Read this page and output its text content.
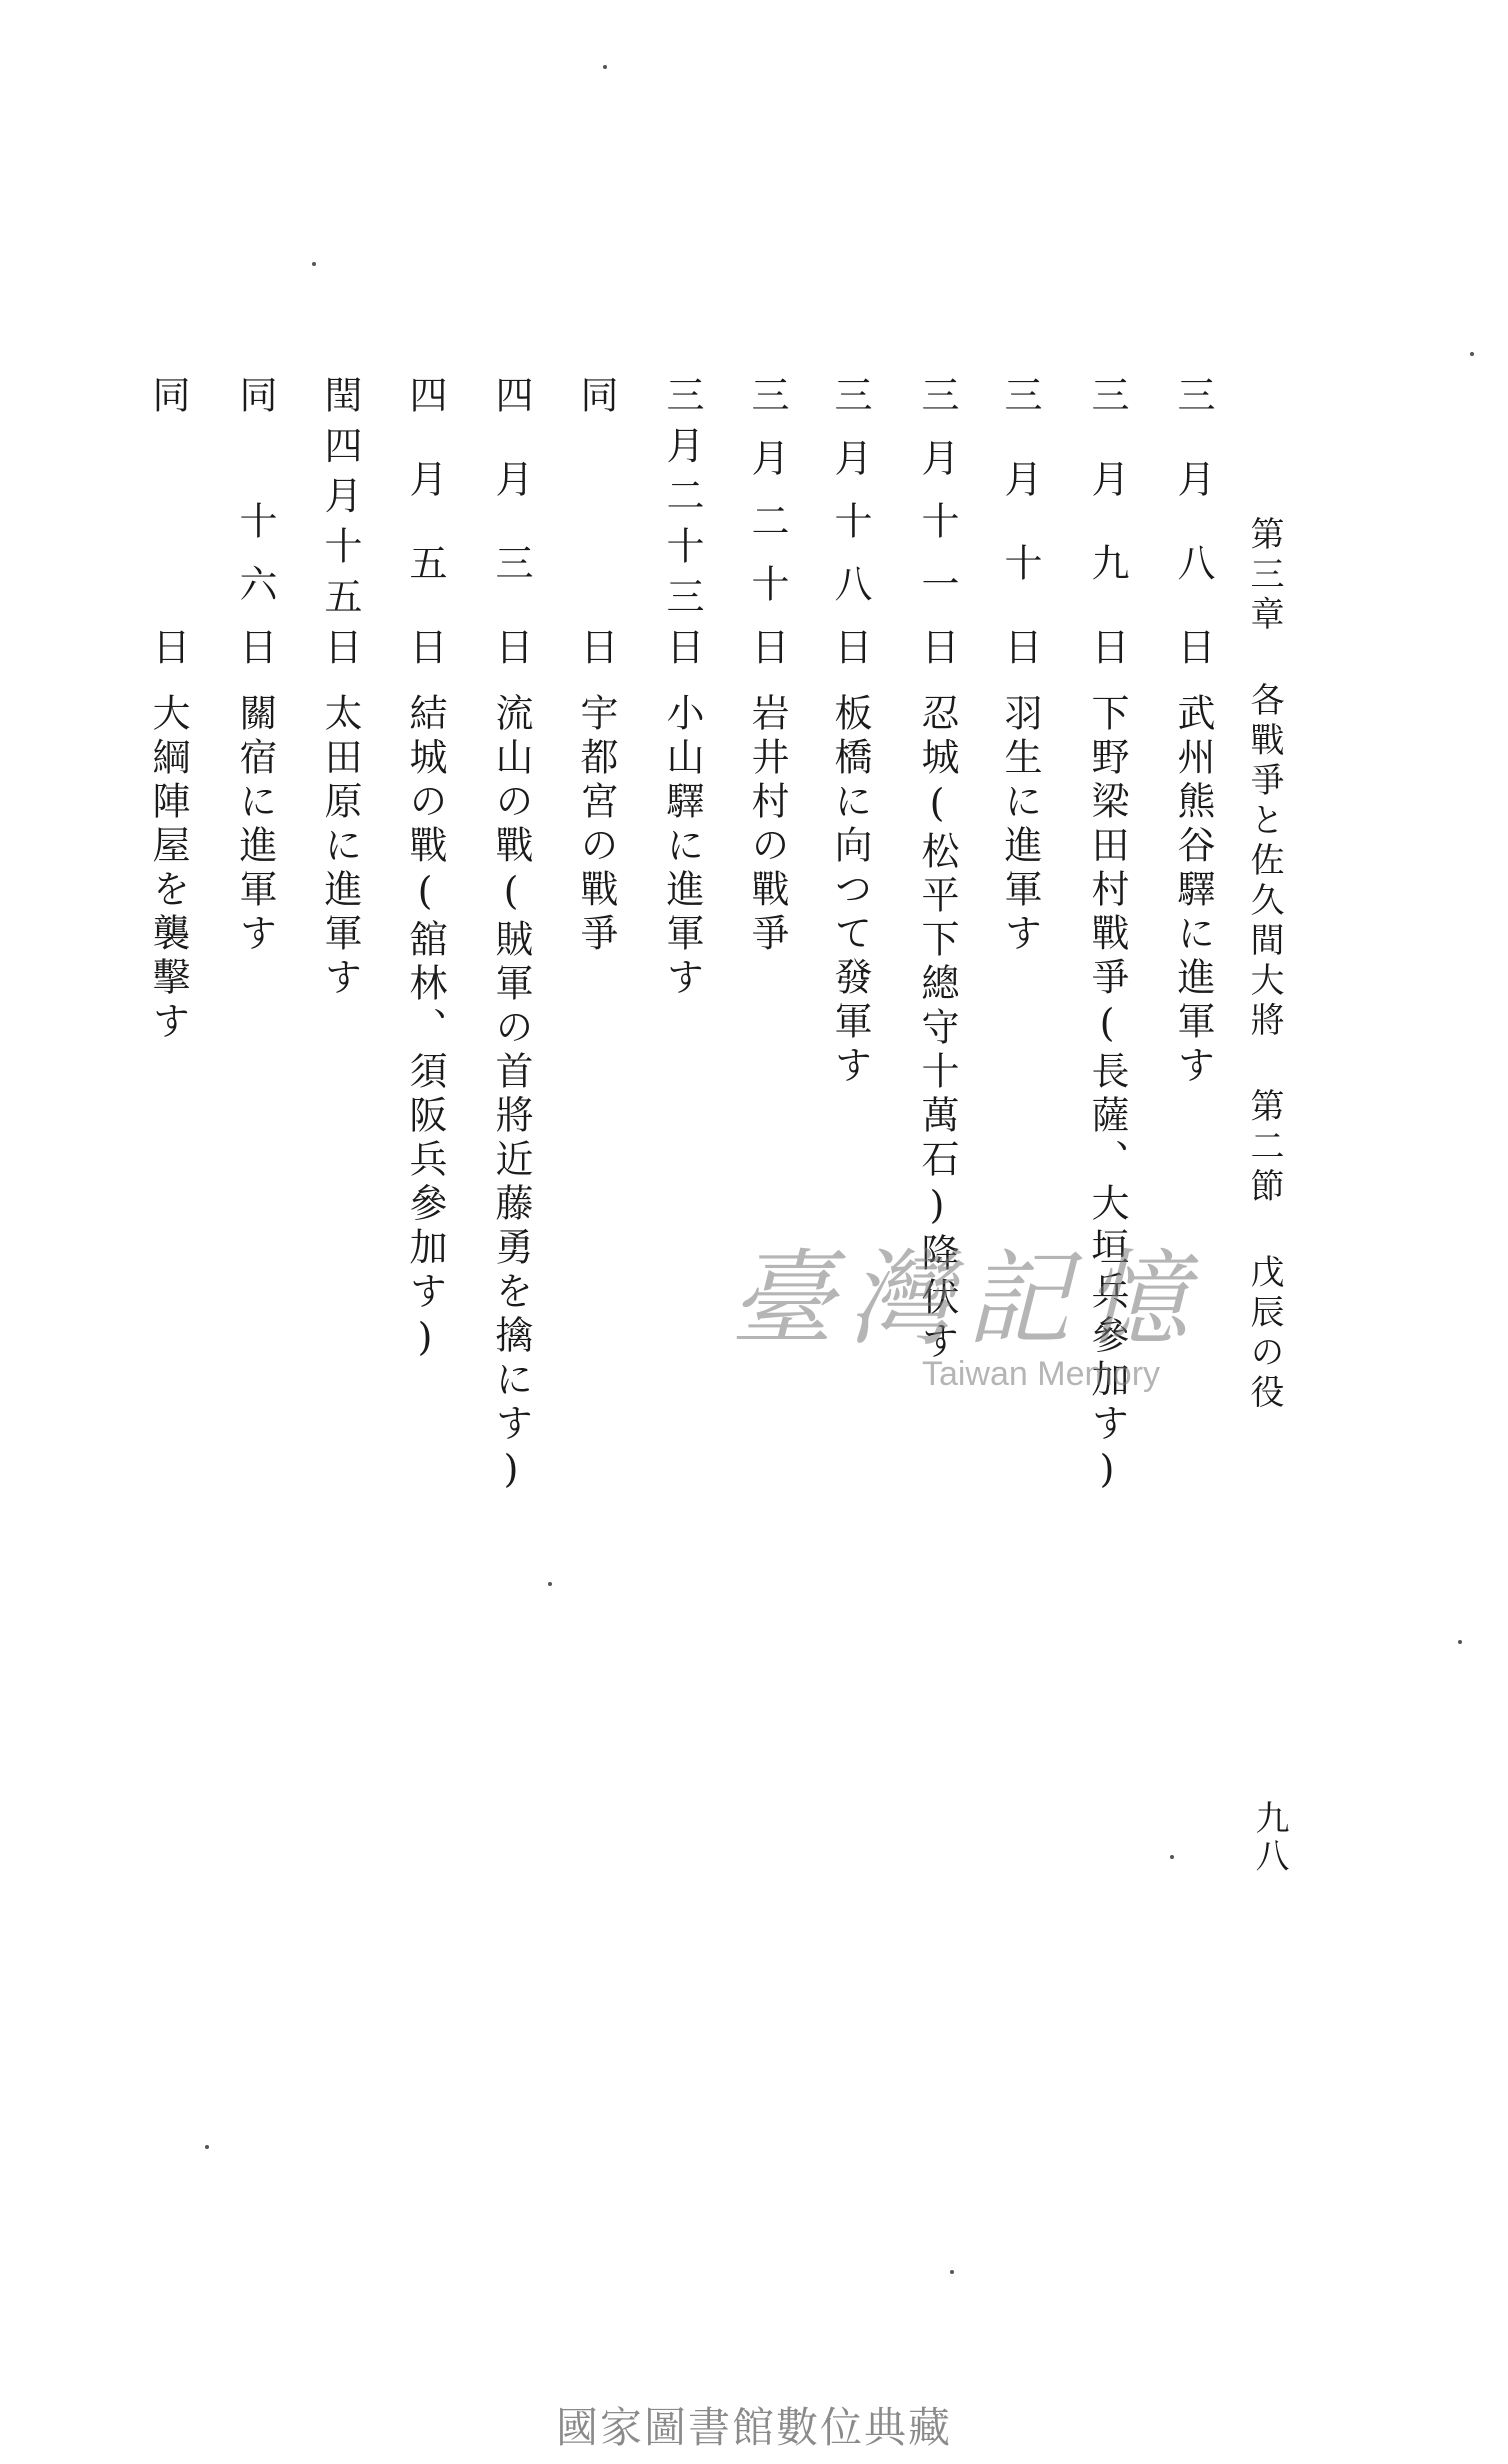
第三章 各戰爭と佐久間大將 第二節 戊辰の役
三月八日
武州熊谷驛に進軍す
三月九日
下野梁田村戰爭(長薩、大垣兵參加す)
三月十日
羽生に進軍す
三月十一日
忍城(松平下總守十萬石)降伏す
三月十八日
板橋に向つて發軍す
三月二十日
岩井村の戰爭
三月二十三日
小山驛に進軍す
同　日
宇都宮の戰爭
四月三日
流山の戰(賊軍の首將近藤勇を擒にす)
四月五日
結城の戰(舘林、須阪兵參加す)
閏四月十五日
太田原に進軍す
同　十六日
關宿に進軍す
同　日
大綱陣屋を襲擊す
九八
臺灣記憶
Taiwan Memory
國家圖書館數位典藏
